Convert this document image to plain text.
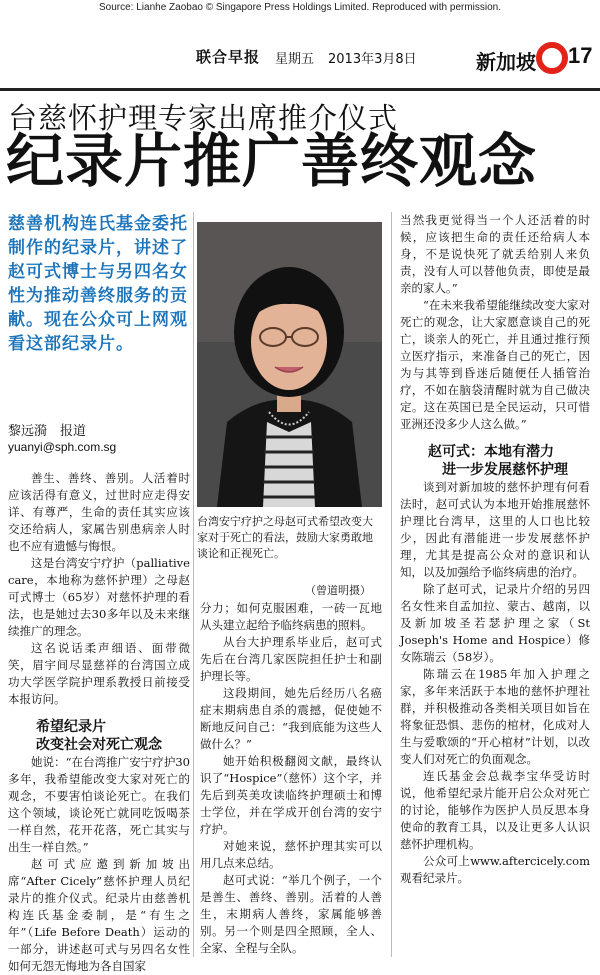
Source: Lianhe Zaobao © Singapore Press Holdings Limited. Reproduced with permission.
联合早报 星期五 2013年3月8日	新加坡 17
台慈怀护理专家出席推介仪式
纪录片推广善终观念
慈善机构连氏基金委托制作的纪录片，讲述了赵可式博士与另四名女性为推动善终服务的贡献。现在公众可上网观看这部纪录片。
黎远漪　报道
yuanyi@sph.com.sg

善生、善终、善别。人活着时应该活得有意义，过世时应走得安详、有尊严，生命的责任其实应该交还给病人，家属告别患病亲人时也不应有遗憾与悔恨。

这是台湾安宁疗护（palliative care，本地称为慈怀护理）之母赵可式博士（65岁）对慈怀护理的看法，也是她过去30多年以及未来继续推广的理念。

这名说话柔声细语、面带微笑，眉宇间尽显慈祥的台湾国立成功大学医学院护理系教授日前接受本报访问。

希望纪录片

改变社会对死亡观念

她说：“在台湾推广安宁疗护30多年，我希望能改变大家对死亡的观念，不要害怕谈论死亡。在我们这个领域，谈论死亡就同吃饭喝茶一样自然，花开花落，死亡其实与出生一样自然。”

赵可式应邀到新加坡出席“After Cicely”慈怀护理人员纪录片的推介仪式。纪录片由慈善机构连氏基金委制，是“有生之年”（Life Before Death）运动的一部分，讲述赵可式与另四名女性如何无怨无悔地为各自国家

台湾安宁疗护之母赵可式希望改变大家对于死亡的看法，鼓励大家勇敢地谈论和正视死亡。
（曾道明摄）

分力；如何克服困难，一砖一瓦地从头建立起给予临终病患的照料。

从台大护理系毕业后，赵可式先后在台湾几家医院担任护士和副护理长等。

这段期间，她先后经历八名癌症末期病患自杀的震撼，促使她不断地反问自己：“我到底能为这些人做什么？”

她开始积极翻阅文献，最终认识了“Hospice”（慈怀）这个字，并先后到英美攻读临终护理硕士和博士学位，并在学成开创台湾的安宁疗护。

对她来说，慈怀护理其实可以用几点来总结。

赵可式说：“举几个例子，一个是善生、善终、善别。活着的人善生，末期病人善终，家属能够善别。另一个则是四全照顾，全人、全家、全程与全队。

当然我更觉得当一个人还活着的时候，应该把生命的责任还给病人本身，不是说快死了就丢给别人来负责，没有人可以替他负责，即使是最亲的家人。”

“在未来我希望能继续改变大家对死亡的观念，让大家愿意谈自己的死亡，谈亲人的死亡，并且通过推行预立医疗指示，来准备自己的死亡，因为与其等到昏迷后随便任人插管治疗，不如在脑袋清醒时就为自己做决定。这在英国已是全民运动，只可惜亚洲还没多少人这么做。”

赵可式：本地有潜力

进一步发展慈怀护理

谈到对新加坡的慈怀护理有何看法时，赵可式认为本地开始推展慈怀护理比台湾早，这里的人口也比较少，因此有潜能进一步发展慈怀护理，尤其是提高公众对的意识和认知，以及加强给予临终病患的治疗。

除了赵可式，记录片介绍的另四名女性来自孟加拉、蒙古、越南，以及新加坡圣若瑟护理之家（St Joseph's Home and Hospice）修女陈瑞云（58岁）。

陈瑞云在1985年加入护理之家，多年来活跃于本地的慈怀护理社群，并积极推动各类相关项目如旨在将象征恐惧、悲伤的棺材，化成对人生与爱歌颂的“开心棺材”计划，以改变人们对死亡的负面观念。

连氏基金会总裁李宝华受访时说，他希望纪录片能开启公众对死亡的讨论，能够作为医护人员反思本身使命的教育工具，以及让更多人认识慈怀护理机构。

公众可上www.aftercicely.com观看纪录片。
